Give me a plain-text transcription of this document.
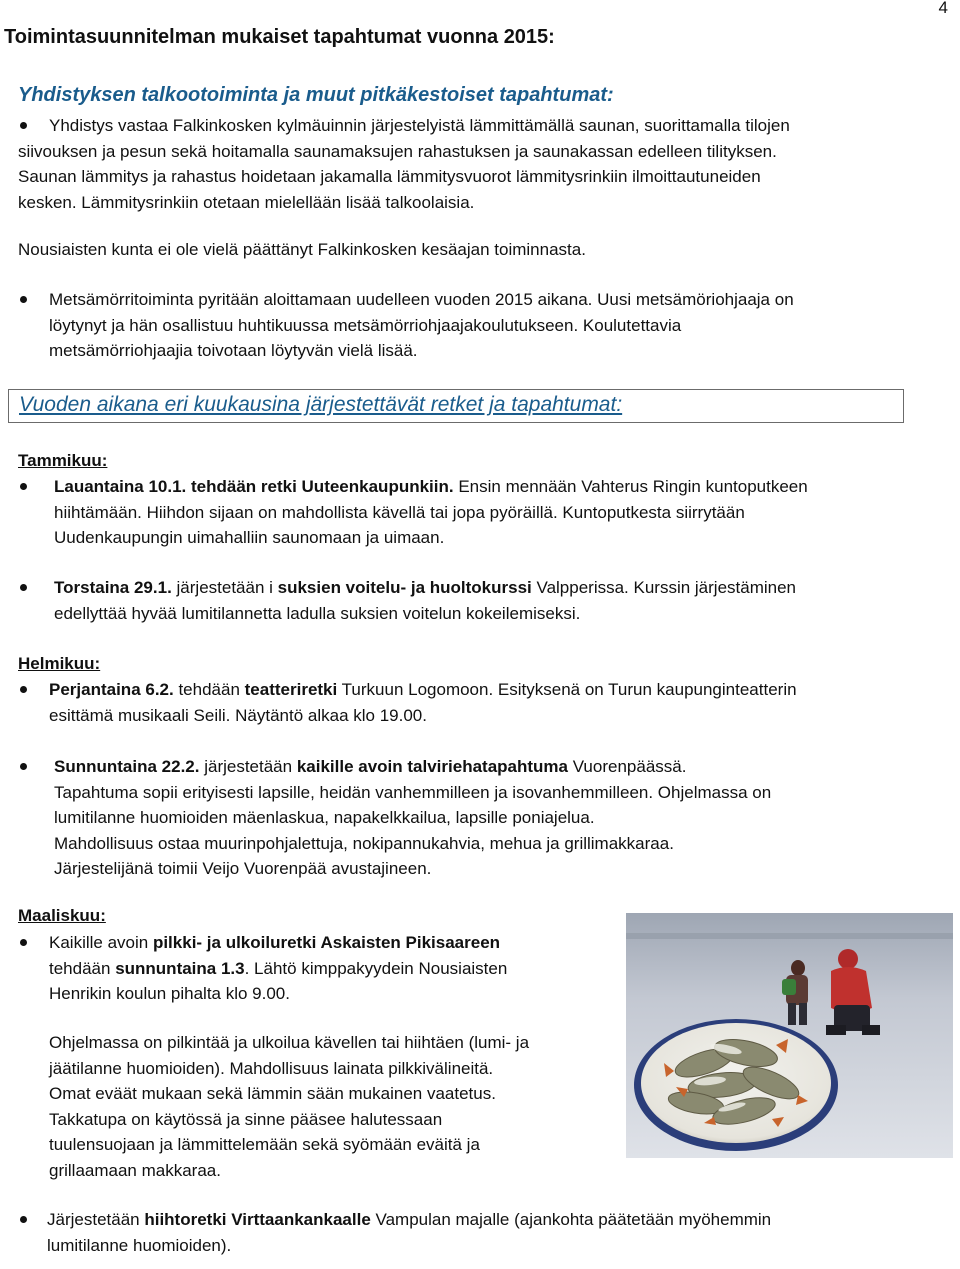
4
Toimintasuunnitelman mukaiset tapahtumat vuonna 2015:
Yhdistyksen talkootoiminta ja muut pitkäkestoiset tapahtumat:

Yhdistys vastaa Falkinkosken kylmäuinnin järjestelyistä lämmittämällä saunan, suorittamalla tilojen

siivouksen ja pesun sekä hoitamalla saunamaksujen rahastuksen ja saunakassan edelleen tilityksen.

Saunan lämmitys ja rahastus hoidetaan jakamalla lämmitysvuorot lämmitysrinkiin ilmoittautuneiden

kesken. Lämmitysrinkiin otetaan mielellään lisää talkoolaisia.

Nousiaisten kunta ei ole vielä päättänyt Falkinkosken kesäajan toiminnasta.

Metsämörritoiminta pyritään aloittamaan uudelleen vuoden 2015 aikana. Uusi metsämöriohjaaja on

löytynyt ja hän osallistuu huhtikuussa metsämörriohjaajakoulutukseen. Koulutettavia

metsämörriohjaajia toivotaan löytyvän vielä lisää.

Vuoden aikana eri kuukausina järjestettävät retket ja tapahtumat:
Tammikuu:

Lauantaina 10.1. tehdään retki Uuteenkaupunkiin. Ensin mennään Vahterus Ringin kuntoputkeen

hiihtämään. Hiihdon sijaan on mahdollista kävellä tai jopa pyöräillä. Kuntoputkesta siirrytään

Uudenkaupungin uimahalliin saunomaan ja uimaan.

Torstaina 29.1. järjestetään i suksien voitelu- ja huoltokurssi Valpperissa. Kurssin järjestäminen

edellyttää hyvää lumitilannetta ladulla suksien voitelun kokeilemiseksi.

Helmikuu:

Perjantaina 6.2. tehdään teatteriretki Turkuun Logomoon. Esityksenä on Turun kaupunginteatterin

esittämä musikaali Seili. Näytäntö alkaa klo 19.00.

Sunnuntaina 22.2. järjestetään kaikille avoin talviriehatapahtuma Vuorenpäässä.

Tapahtuma sopii erityisesti lapsille, heidän vanhemmilleen ja isovanhemmilleen. Ohjelmassa on

lumitilanne huomioiden mäenlaskua, napakelkkailua, lapsille poniajelua.

Mahdollisuus ostaa muurinpohjalettuja, nokipannukahvia, mehua ja grillimakkaraa.

Järjestelijänä toimii Veijo Vuorenpää avustajineen.

Maaliskuu:

Kaikille avoin pilkki- ja ulkoiluretki Askaisten Pikisaareen

tehdään sunnuntaina 1.3. Lähtö kimppakyydein Nousiaisten

Henrikin koulun pihalta klo 9.00.

Ohjelmassa on pilkintää ja ulkoilua kävellen tai hiihtäen (lumi- ja

jäätilanne huomioiden). Mahdollisuus lainata pilkkivälineitä.

Omat eväät mukaan sekä lämmin sään mukainen vaatetus.

Takkatupa on käytössä ja sinne pääsee halutessaan

tuulensuojaan ja lämmittelemään sekä syömään eväitä ja

grillaamaan makkaraa.

Järjestetään hiihtoretki Virttaankankaalle Vampulan majalle (ajankohta päätetään myöhemmin

lumitilanne huomioiden).
